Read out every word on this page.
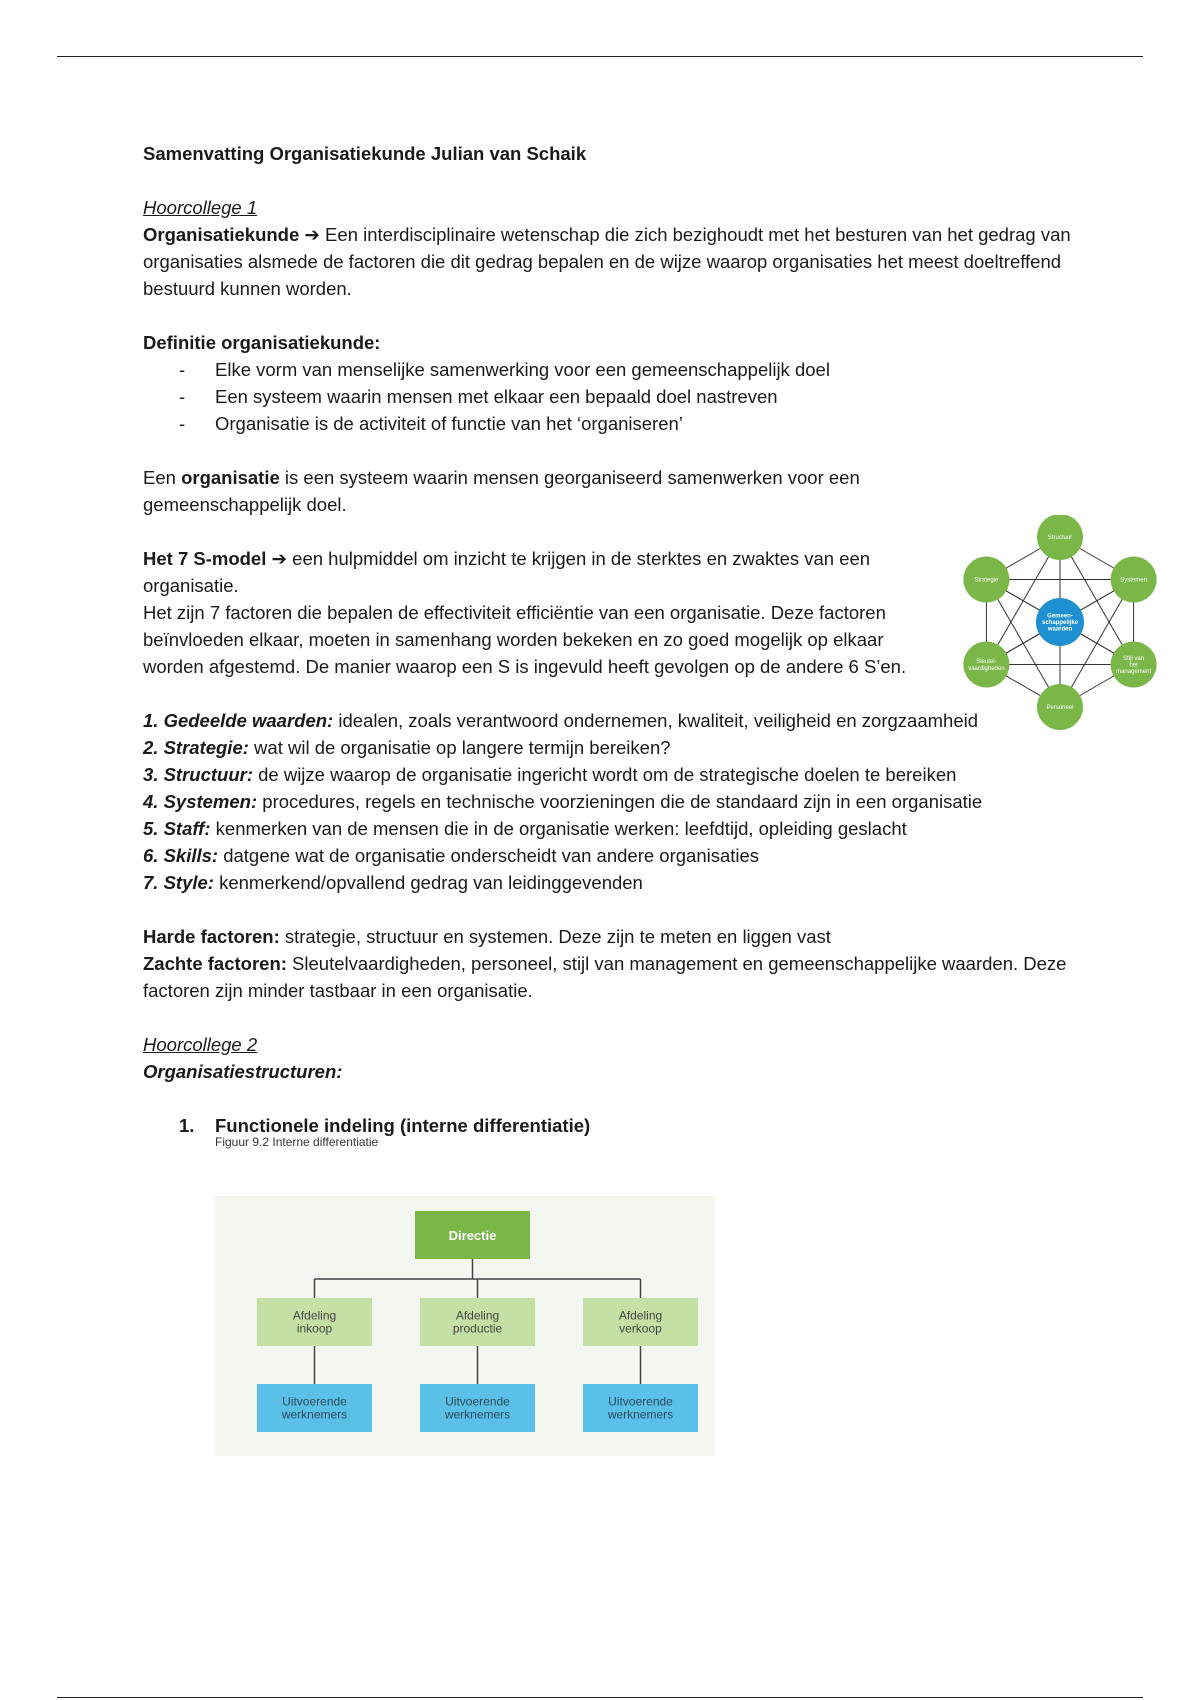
Samenvatting Organisatiekunde Julian van Schaik

Hoorcollege 1

Organisatiekunde ➔ Een interdisciplinaire wetenschap die zich bezighoudt met het besturen van het gedrag van organisaties alsmede de factoren die dit gedrag bepalen en de wijze waarop organisaties het meest doeltreffend bestuurd kunnen worden.

Definitie organisatiekunde:

- Elke vorm van menselijke samenwerking voor een gemeenschappelijk doel
- Een systeem waarin mensen met elkaar een bepaald doel nastreven
- Organisatie is de activiteit of functie van het ‘organiseren’

Een organisatie is een systeem waarin mensen georganiseerd samenwerken voor een gemeenschappelijk doel.

Het 7 S-model ➔ een hulpmiddel om inzicht te krijgen in de sterktes en zwaktes van een organisatie.

Het zijn 7 factoren die bepalen de effectiviteit efficiëntie van een organisatie. Deze factoren beïnvloeden elkaar, moeten in samenhang worden bekeken en zo goed mogelijk op elkaar worden afgestemd. De manier waarop een S is ingevuld heeft gevolgen op de andere 6 S’en.

1. Gedeelde waarden: idealen, zoals verantwoord ondernemen, kwaliteit, veiligheid en zorgzaamheid

2. Strategie: wat wil de organisatie op langere termijn bereiken?

3. Structuur: de wijze waarop de organisatie ingericht wordt om de strategische doelen te bereiken

4. Systemen: procedures, regels en technische voorzieningen die de standaard zijn in een organisatie

5. Staff: kenmerken van de mensen die in de organisatie werken: leefdtijd, opleiding geslacht

6. Skills: datgene wat de organisatie onderscheidt van andere organisaties

7. Style: kenmerkend/opvallend gedrag van leidinggevenden

Harde factoren: strategie, structuur en systemen. Deze zijn te meten en liggen vast

Zachte factoren: Sleutelvaardigheden, personeel, stijl van management en gemeenschappelijke waarden. Deze factoren zijn minder tastbaar in een organisatie.

Hoorcollege 2

Organisatiestructuren:

1. Functionele indeling (interne differentiatie)

Figuur 9.2 Interne differentiatie

Gemeen-schappelijke waarden
Structuur
Systemen
Stijl van het management
Personeel
Sleutel-vaardigheden
Strategie
Directie
Afdeling inkoop
Uitvoerende werknemers
Afdeling productie
Uitvoerende werknemers
Afdeling verkoop
Uitvoerende werknemers
